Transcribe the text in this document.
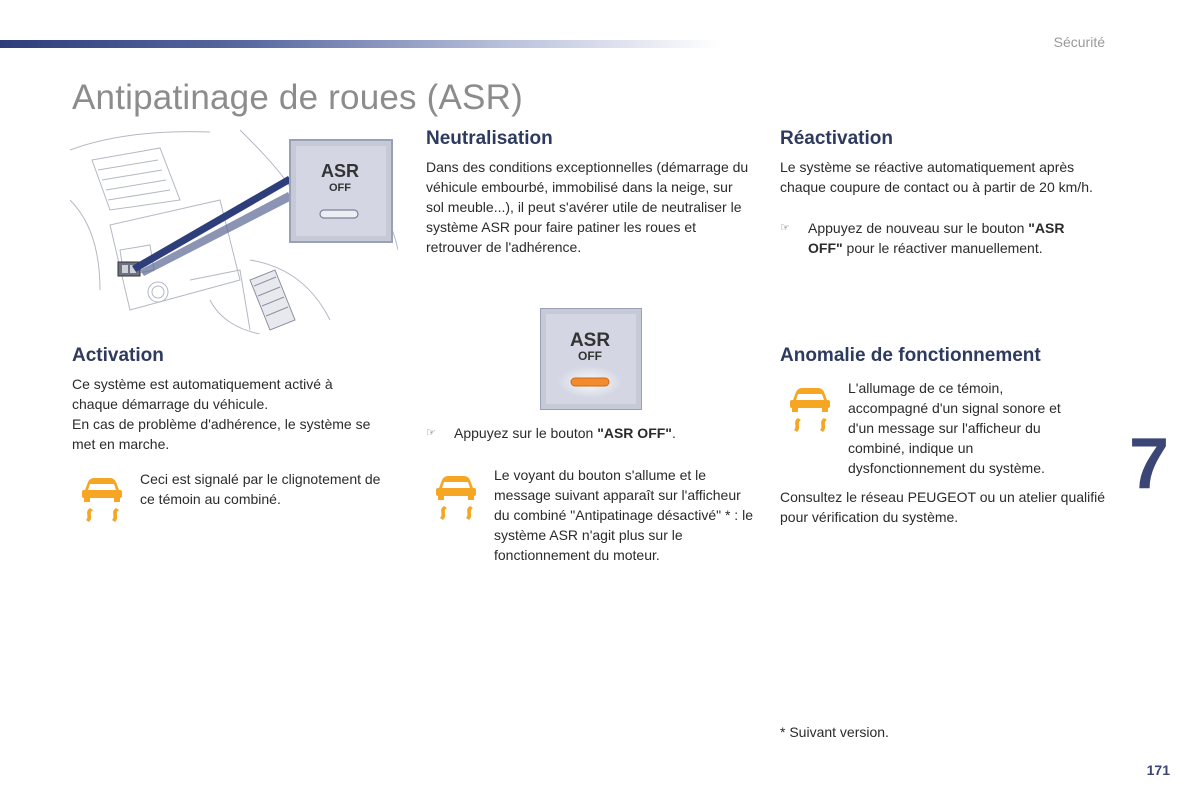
Sécurité
Antipatinage de roues (ASR)
ASR
OFF
Activation

Ce système est automatiquement activé à chaque démarrage du véhicule.

En cas de problème d'adhérence, le système se met en marche.

Ceci est signalé par le clignotement de ce témoin au combiné.
Neutralisation
Dans des conditions exceptionnelles (démarrage du véhicule embourbé, immobilisé dans la neige, sur sol meuble...), il peut s'avérer utile de neutraliser le système ASR pour faire patiner les roues et retrouver de l'adhérence.
ASR
OFF
☞	Appuyez sur le bouton "ASR OFF".
Le voyant du bouton s'allume et le message suivant apparaît sur l'afficheur du combiné "Antipatinage désactivé" * : le système ASR n'agit plus sur le fonctionnement du moteur.
Réactivation
Le système se réactive automatiquement après chaque coupure de contact ou à partir de 20 km/h.
☞	Appuyez de nouveau sur le bouton "ASR OFF" pour le réactiver manuellement.
Anomalie de fonctionnement
L'allumage de ce témoin, accompagné d'un signal sonore et d'un message sur l'afficheur du combiné, indique un dysfonctionnement du système.
Consultez le réseau PEUGEOT ou un atelier qualifié pour vérification du système.
7
* Suivant version.
171
